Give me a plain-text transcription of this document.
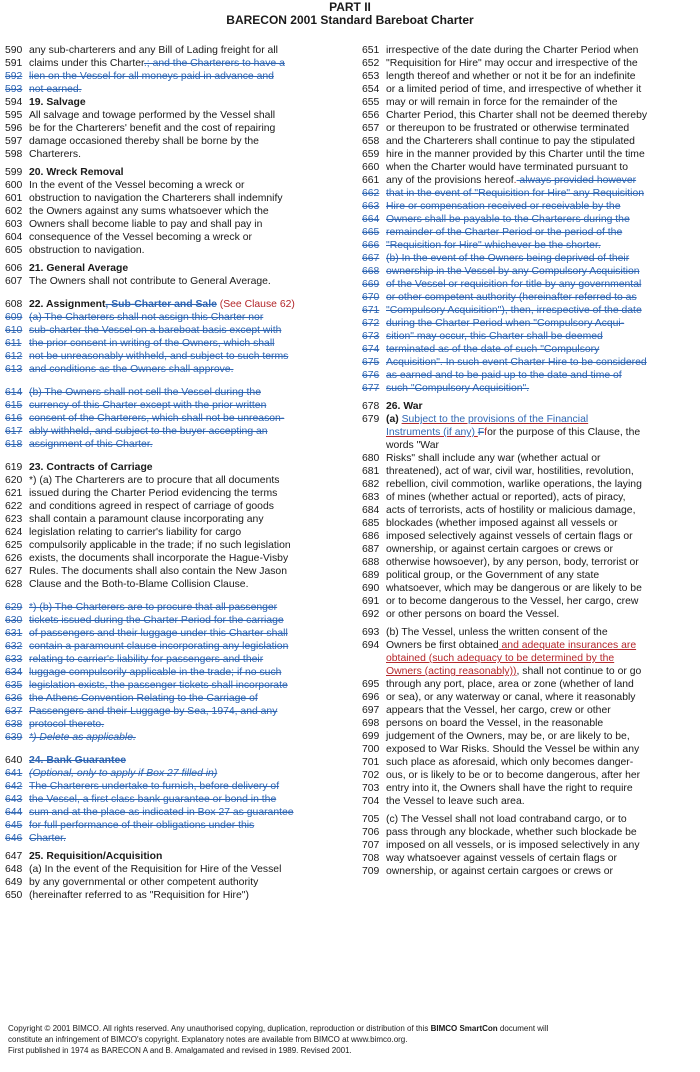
PART II
BARECON 2001 Standard Bareboat Charter
590 any sub-charterers and any Bill of Lading freight for all
591 claims under this Charter.; and the Charterers to have a
592 lien on the Vessel for all moneys paid in advance and
593 not earned.
594 19. Salvage
595 All salvage and towage performed by the Vessel shall
596 be for the Charterers' benefit and the cost of repairing
597 damage occasioned thereby shall be borne by the
598 Charterers.
599 20. Wreck Removal
600 In the event of the Vessel becoming a wreck or
601 obstruction to navigation the Charterers shall indemnify
602 the Owners against any sums whatsoever which the
603 Owners shall become liable to pay and shall pay in
604 consequence of the Vessel becoming a wreck or
605 obstruction to navigation.
606 21. General Average
607 The Owners shall not contribute to General Average.
608 22. Assignment, Sub-Charter and Sale (See Clause 62)
609 (a) The Charterers shall not assign this Charter nor
610 sub-charter the Vessel on a bareboat basis except with
611 the prior consent in writing of the Owners, which shall
612 not be unreasonably withheld, and subject to such terms
613 and conditions as the Owners shall approve.
614 (b) The Owners shall not sell the Vessel during the
615 currency of this Charter except with the prior written
616 consent of the Charterers, which shall not be unreason-
617 ably withheld, and subject to the buyer accepting an
618 assignment of this Charter.
619 23. Contracts of Carriage
620 *) (a) The Charterers are to procure that all documents
621 issued during the Charter Period evidencing the terms
622 and conditions agreed in respect of carriage of goods
623 shall contain a paramount clause incorporating any
624 legislation relating to carrier's liability for cargo
625 compulsorily applicable in the trade; if no such legislation
626 exists, the documents shall incorporate the Hague-Visby
627 Rules. The documents shall also contain the New Jason
628 Clause and the Both-to-Blame Collision Clause.
629 *) (b) The Charterers are to procure that all passenger
630 tickets issued during the Charter Period for the carriage
631 of passengers and their luggage under this Charter shall
632 contain a paramount clause incorporating any legislation
633 relating to carrier's liability for passengers and their
634 luggage compulsorily applicable in the trade; if no such
635 legislation exists, the passenger tickets shall incorporate
636 the Athens Convention Relating to the Carriage of
637 Passengers and their Luggage by Sea, 1974, and any
638 protocol thereto.
639 *) Delete as applicable.
640 24. Bank Guarantee
641 (Optional, only to apply if Box 27 filled in)
642 The Charterers undertake to furnish, before delivery of
643 the Vessel, a first class bank guarantee or bond in the
644 sum and at the place as indicated in Box 27 as guarantee
645 for full performance of their obligations under this
646 Charter.
647 25. Requisition/Acquisition
648 (a) In the event of the Requisition for Hire of the Vessel
649 by any governmental or other competent authority
650 (hereinafter referred to as "Requisition for Hire")
651 irrespective of the date during the Charter Period when
652 "Requisition for Hire" may occur and irrespective of the
653 length thereof and whether or not it be for an indefinite
654 or a limited period of time, and irrespective of whether it
655 may or will remain in force for the remainder of the
656 Charter Period, this Charter shall not be deemed thereby
657 or thereupon to be frustrated or otherwise terminated
658 and the Charterers shall continue to pay the stipulated
659 hire in the manner provided by this Charter until the time
660 when the Charter would have terminated pursuant to
661 any of the provisions hereof. always provided however
662 that in the event of "Requisition for Hire" any Requisition
663 Hire or compensation received or receivable by the
664 Owners shall be payable to the Charterers during the
665 remainder of the Charter Period or the period of the
666 "Requisition for Hire" whichever be the shorter.
667 (b) In the event of the Owners being deprived of their
668 ownership in the Vessel by any Compulsory Acquisition
669 of the Vessel or requisition for title by any governmental
670 or other competent authority (hereinafter referred to as
671 "Compulsory Acquisition"), then, irrespective of the date
672 during the Charter Period when "Compulsory Acqui-
673 sition" may occur, this Charter shall be deemed
674 terminated as of the date of such "Compulsory
675 Acquisition". In such event Charter Hire to be considered
676 as earned and to be paid up to the date and time of
677 such "Compulsory Acquisition".
678 26. War
679 (a) Subject to the provisions of the Financial
Instruments (if any) Ffor the purpose of this Clause, the
words "War
680 Risks" shall include any war (whether actual or
681 threatened), act of war, civil war, hostilities, revolution,
682 rebellion, civil commotion, warlike operations, the laying
683 of mines (whether actual or reported), acts of piracy,
684 acts of terrorists, acts of hostility or malicious damage,
685 blockades (whether imposed against all vessels or
686 imposed selectively against vessels of certain flags or
687 ownership, or against certain cargoes or crews or
688 otherwise howsoever), by any person, body, terrorist or
689 political group, or the Government of any state
690 whatsoever, which may be dangerous or are likely to be
691 or to become dangerous to the Vessel, her cargo, crew
692 or other persons on board the Vessel.
693 (b) The Vessel, unless the written consent of the
694 Owners be first obtained and adequate insurances are
obtained (such adequacy to be determined by the
Owners (acting reasonably)), shall not continue to or go
695 through any port, place, area or zone (whether of land
696 or sea), or any waterway or canal, where it reasonably
697 appears that the Vessel, her cargo, crew or other
698 persons on board the Vessel, in the reasonable
699 judgement of the Owners, may be, or are likely to be,
700 exposed to War Risks. Should the Vessel be within any
701 such place as aforesaid, which only becomes danger-
702 ous, or is likely to be or to become dangerous, after her
703 entry into it, the Owners shall have the right to require
704 the Vessel to leave such area.
705 (c) The Vessel shall not load contraband cargo, or to
706 pass through any blockade, whether such blockade be
707 imposed on all vessels, or is imposed selectively in any
708 way whatsoever against vessels of certain flags or
709 ownership, or against certain cargoes or crews or
Copyright © 2001 BIMCO. All rights reserved. Any unauthorised copying, duplication, reproduction or distribution of this BIMCO SmartCon document will
constitute an infringement of BIMCO's copyright. Explanatory notes are available from BIMCO at www.bimco.org.
First published in 1974 as BARECON A and B. Amalgamated and revised in 1989. Revised 2001.
